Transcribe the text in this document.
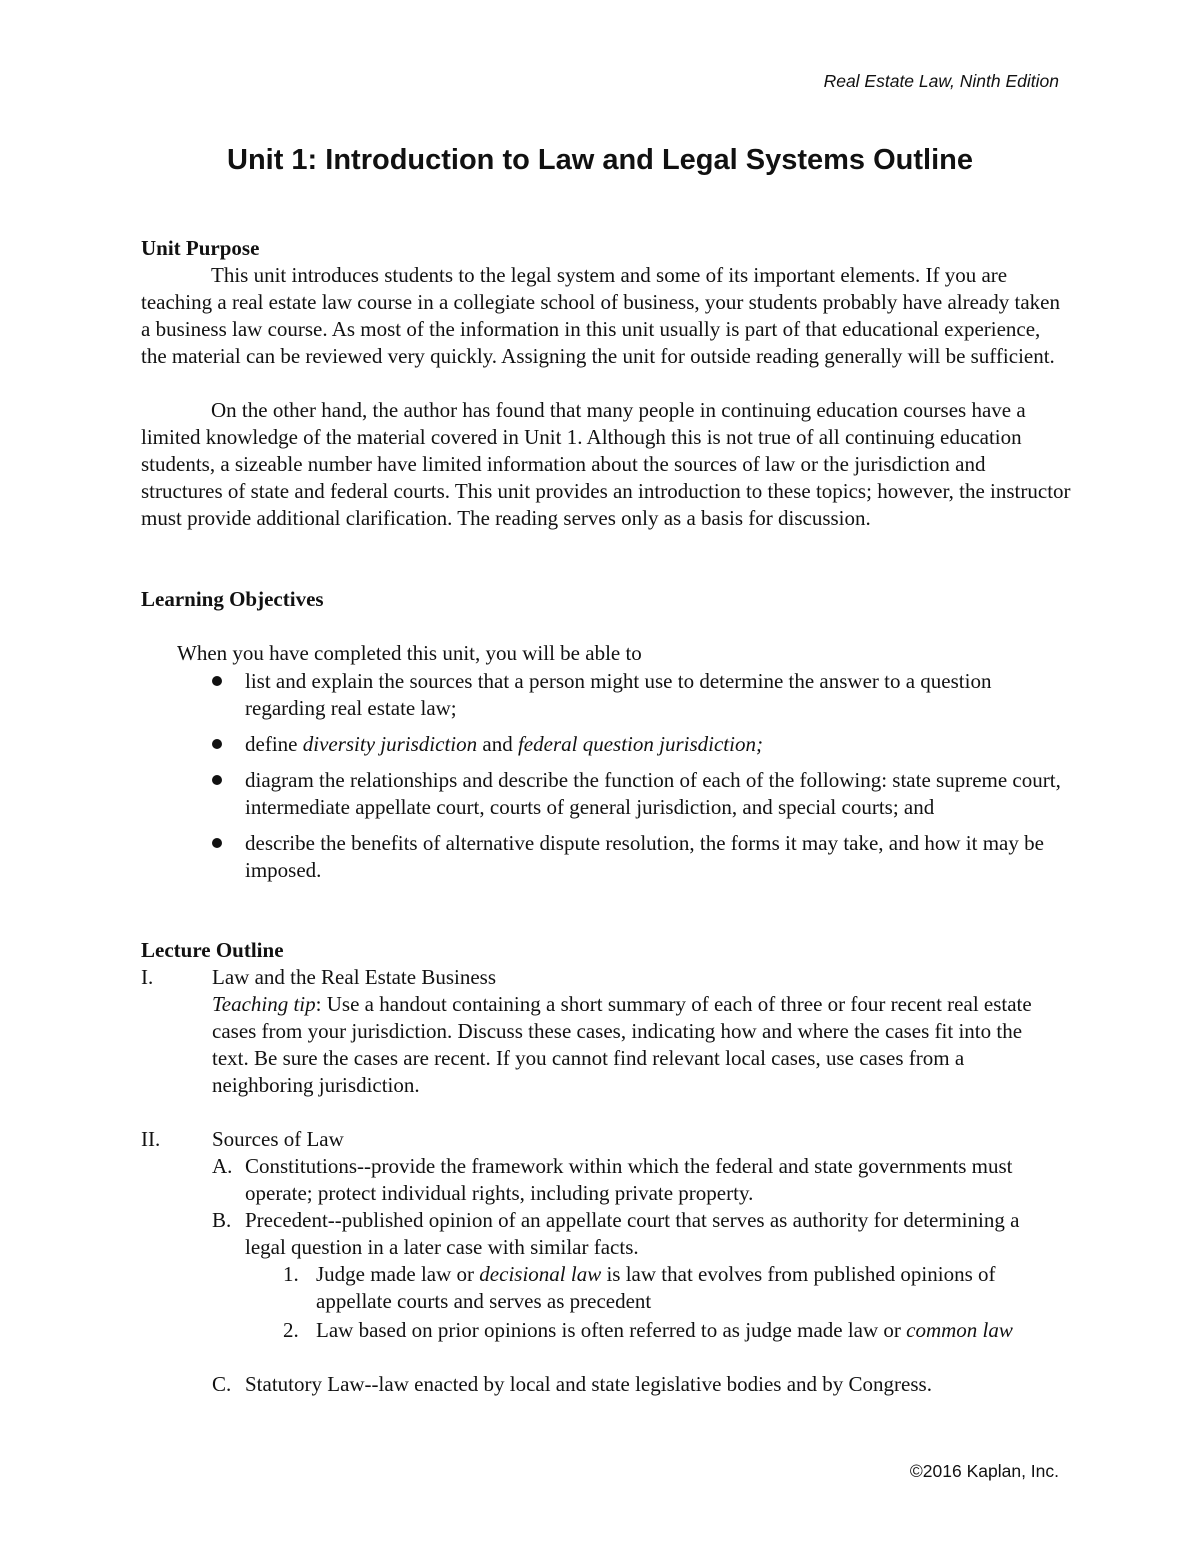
Real Estate Law, Ninth Edition
Unit 1: Introduction to Law and Legal Systems Outline
Unit Purpose

This unit introduces students to the legal system and some of its important elements. If you are teaching a real estate law course in a collegiate school of business, your students probably have already taken a business law course. As most of the information in this unit usually is part of that educational experience, the material can be reviewed very quickly. Assigning the unit for outside reading generally will be sufficient.

On the other hand, the author has found that many people in continuing education courses have a limited knowledge of the material covered in Unit 1. Although this is not true of all continuing education students, a sizeable number have limited information about the sources of law or the jurisdiction and structures of state and federal courts. This unit provides an introduction to these topics; however, the instructor must provide additional clarification. The reading serves only as a basis for discussion.

Learning Objectives

When you have completed this unit, you will be able to

list and explain the sources that a person might use to determine the answer to a question regarding real estate law;
define diversity jurisdiction and federal question jurisdiction;
diagram the relationships and describe the function of each of the following: state supreme court, intermediate appellate court, courts of general jurisdiction, and special courts; and
describe the benefits of alternative dispute resolution, the forms it may take, and how it may be imposed.
Lecture Outline
I.	Law and the Real Estate Business

Teaching tip: Use a handout containing a short summary of each of three or four recent real estate cases from your jurisdiction. Discuss these cases, indicating how and where the cases fit into the text. Be sure the cases are recent. If you cannot find relevant local cases, use cases from a neighboring jurisdiction.

II. Sources of Law
A. Constitutions--provide the framework within which the federal and state governments must operate; protect individual rights, including private property.

B. Precedent--published opinion of an appellate court that serves as authority for determining a legal question in a later case with similar facts.

1. Judge made law or decisional law is law that evolves from published opinions of appellate courts and serves as precedent

2. Law based on prior opinions is often referred to as judge made law or common law

C. Statutory Law--law enacted by local and state legislative bodies and by Congress.

©2016 Kaplan, Inc.
